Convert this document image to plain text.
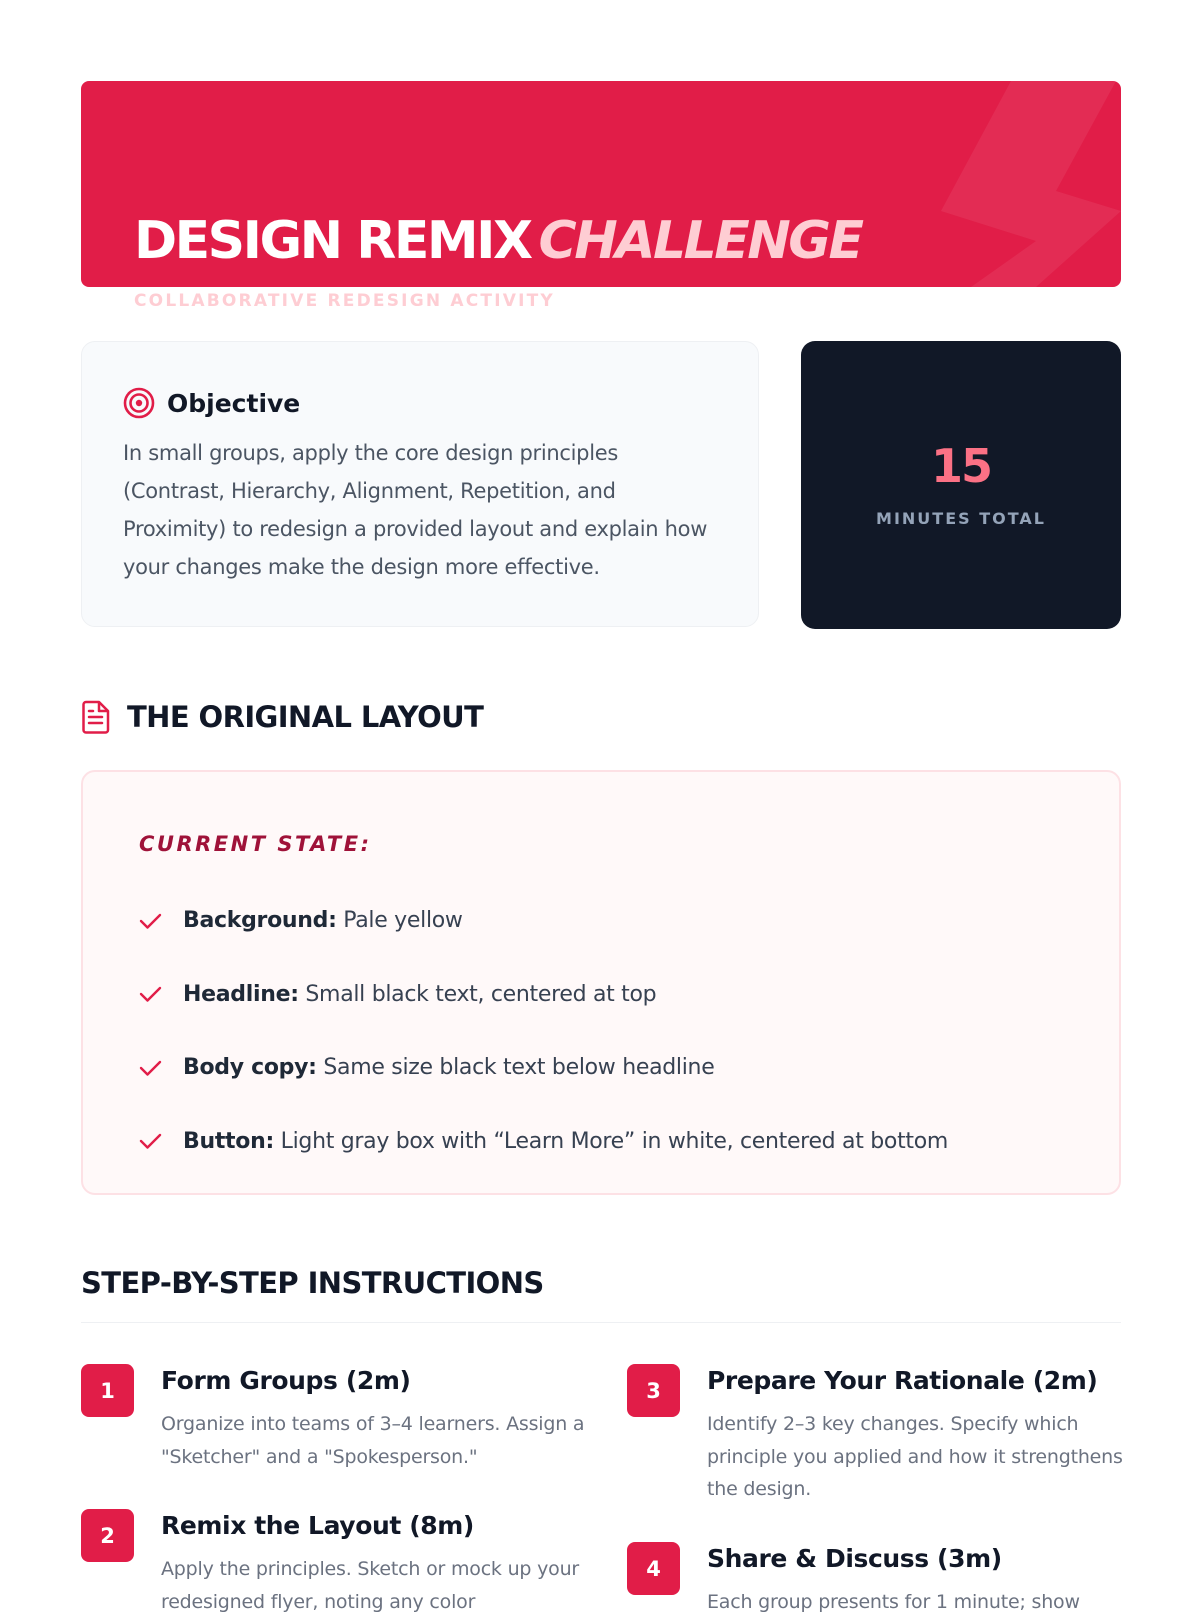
DESIGN REMIX CHALLENGE
COLLABORATIVE REDESIGN ACTIVITY
Objective
In small groups, apply the core design principles (Contrast, Hierarchy, Alignment, Repetition, and Proximity) to redesign a provided layout and explain how your changes make the design more effective.
15
MINUTES TOTAL
THE ORIGINAL LAYOUT
CURRENT STATE:
Background: Pale yellow
Headline: Small black text, centered at top
Body copy: Same size black text below headline
Button: Light gray box with “Learn More” in white, centered at bottom
STEP-BY-STEP INSTRUCTIONS
1	Form Groups (2m)
Organize into teams of 3–4 learners. Assign a "Sketcher" and a "Spokesperson."
2	Remix the Layout (8m)
Apply the principles. Sketch or mock up your redesigned flyer, noting any color
3	Prepare Your Rationale (2m)
Identify 2–3 key changes. Specify which principle you applied and how it strengthens the design.
4	Share & Discuss (3m)
Each group presents for 1 minute; show
